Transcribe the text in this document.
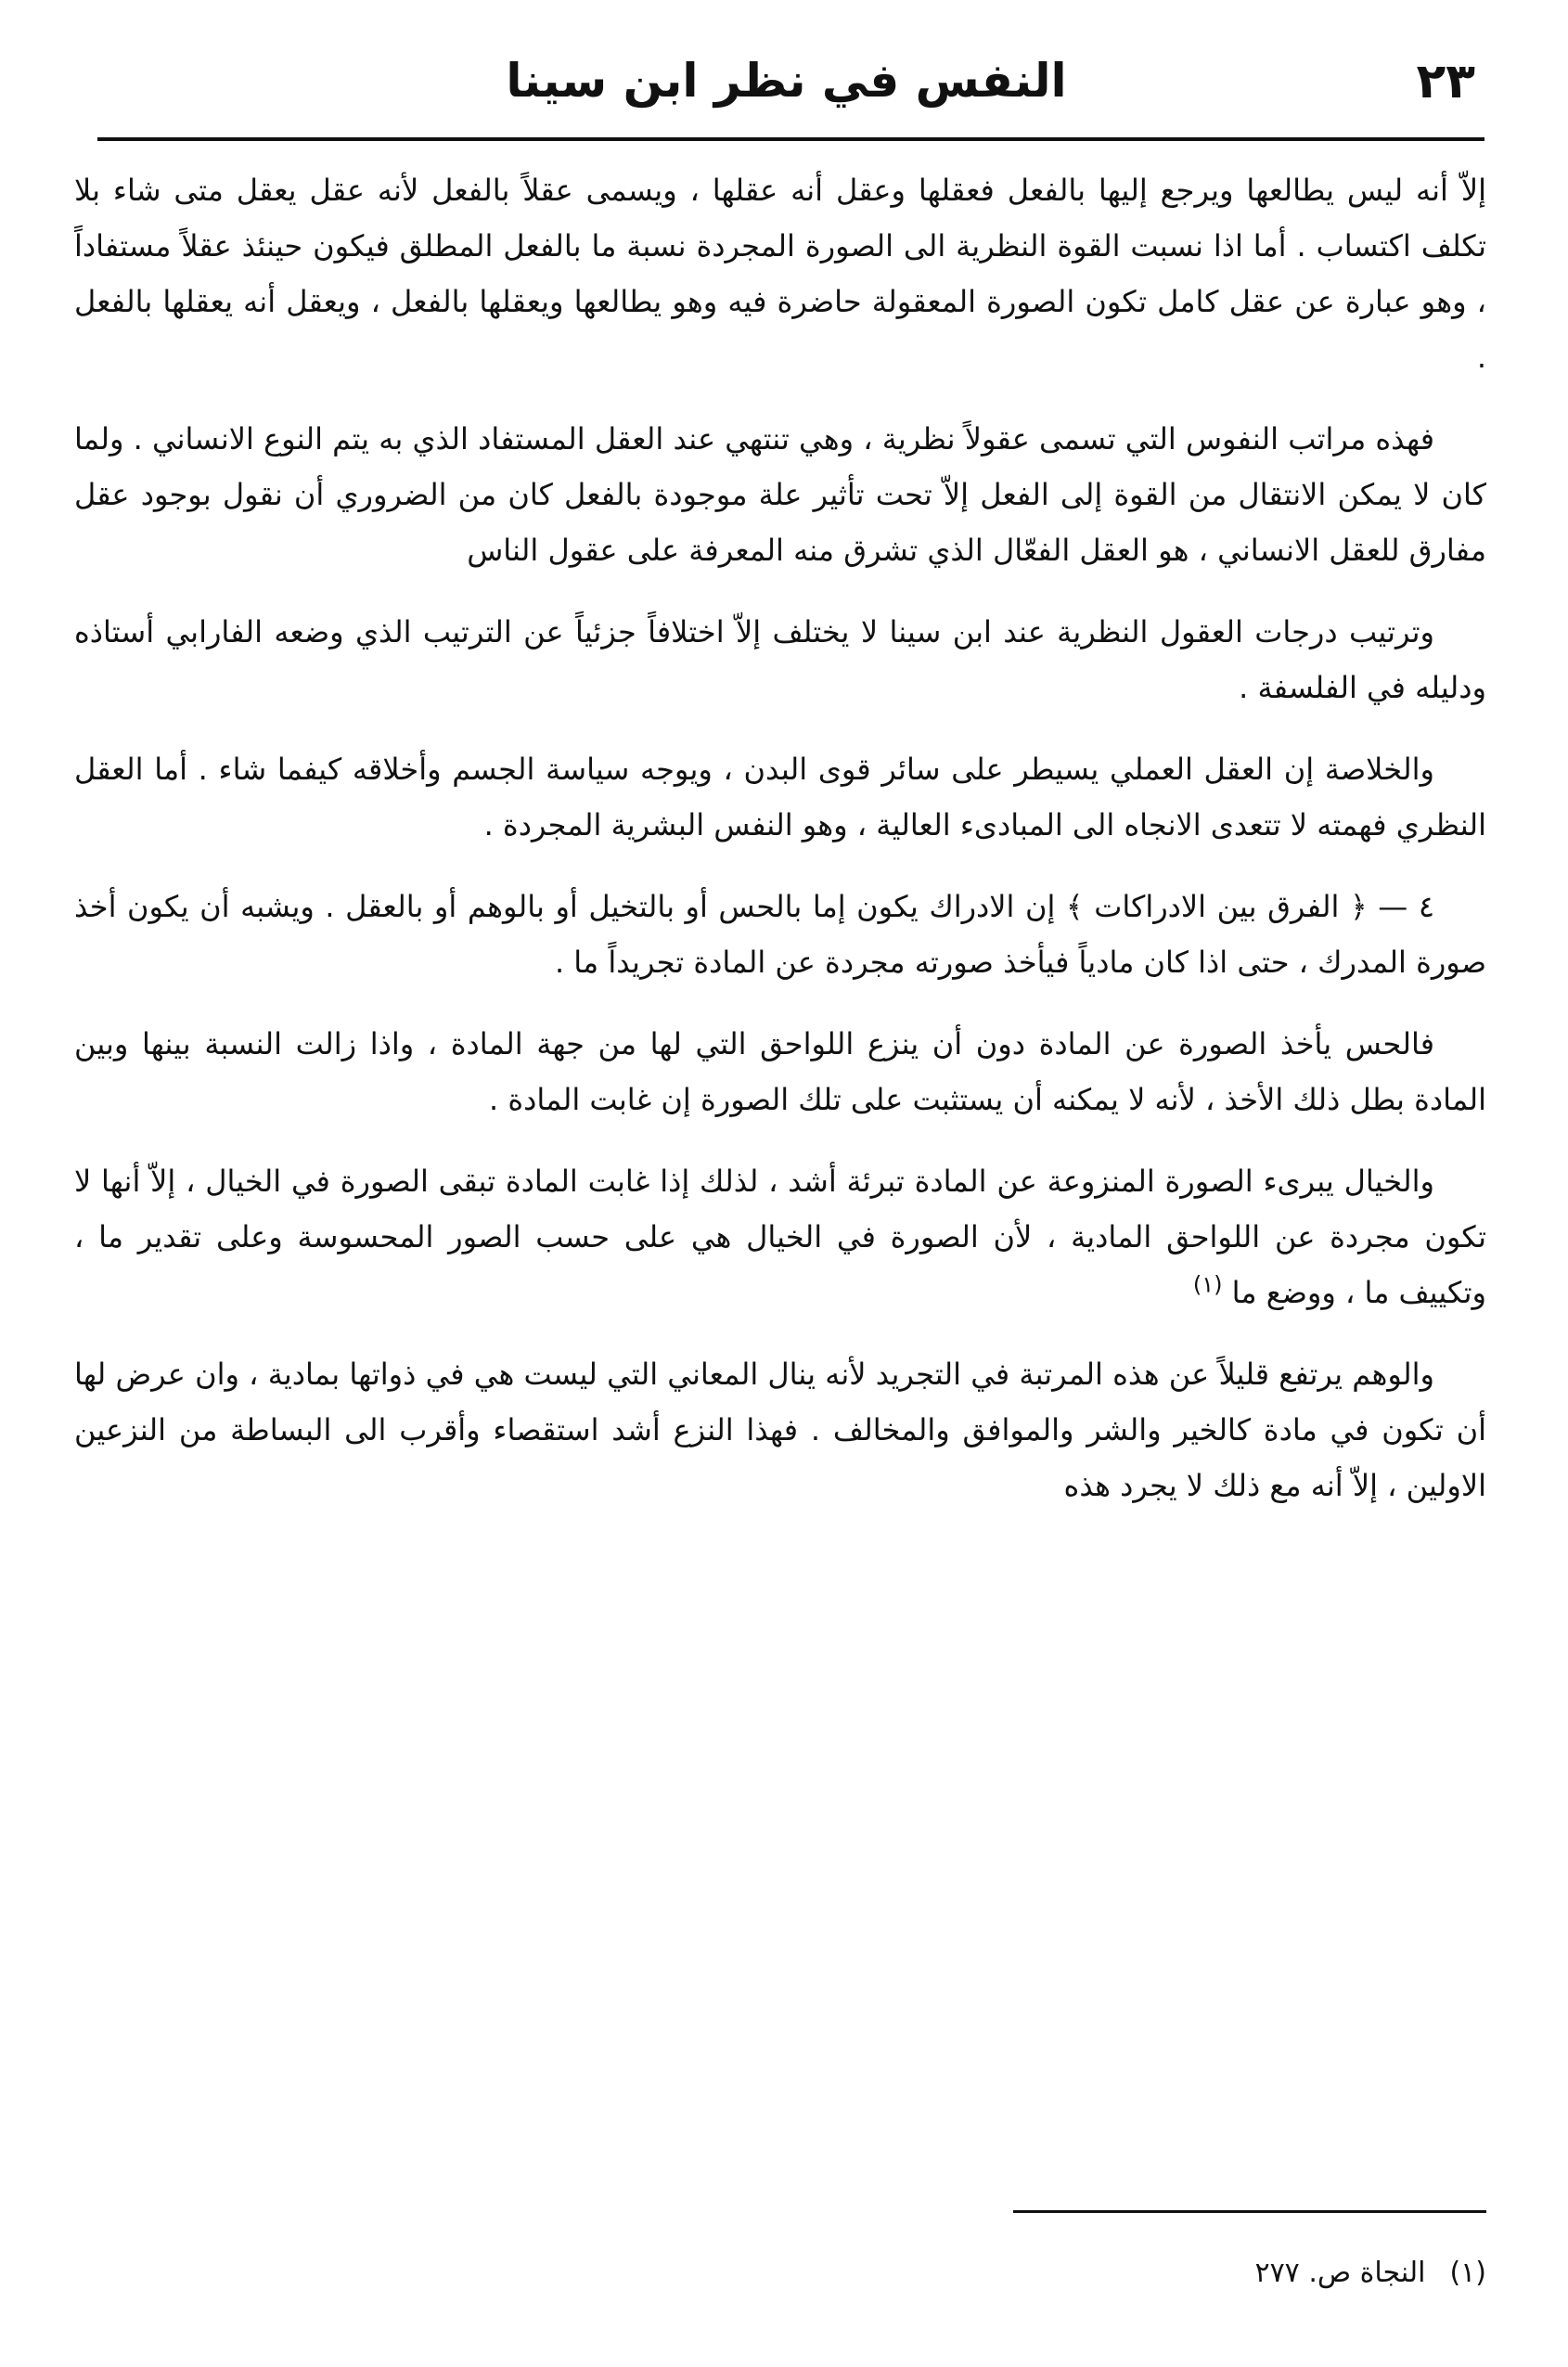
النفس في نظر ابن سينا	٢٣

إلاّ أنه ليس يطالعها ويرجع إليها بالفعل فعقلها وعقل أنه عقلها ، ويسمى عقلاً بالفعل لأنه عقل يعقل متى شاء بلا تكلف اكتساب . أما اذا نسبت القوة النظرية الى الصورة المجردة نسبة ما بالفعل المطلق فيكون حينئذ عقلاً مستفاداً ، وهو عبارة عن عقل كامل تكون الصورة المعقولة حاضرة فيه وهو يطالعها ويعقلها بالفعل ، ويعقل أنه يعقلها بالفعل .

فهذه مراتب النفوس التي تسمى عقولاً نظرية ، وهي تنتهي عند العقل المستفاد الذي به يتم النوع الانساني . ولما كان لا يمكن الانتقال من القوة إلى الفعل إلاّ تحت تأثير علة موجودة بالفعل كان من الضروري أن نقول بوجود عقل مفارق للعقل الانساني ، هو العقل الفعّال الذي تشرق منه المعرفة على عقول الناس

وترتيب درجات العقول النظرية عند ابن سينا لا يختلف إلاّ اختلافاً جزئياً عن الترتيب الذي وضعه الفارابي أستاذه ودليله في الفلسفة .

والخلاصة إن العقل العملي يسيطر على سائر قوى البدن ، ويوجه سياسة الجسم وأخلاقه كيفما شاء . أما العقل النظري فهمته لا تتعدى الانجاه الى المبادىء العالية ، وهو النفس البشرية المجردة .

٤ — ﴿ الفرق بين الادراكات ﴾ إن الادراك يكون إما بالحس أو بالتخيل أو بالوهم أو بالعقل . ويشبه أن يكون أخذ صورة المدرك ، حتى اذا كان مادياً فيأخذ صورته مجردة عن المادة تجريداً ما .

فالحس يأخذ الصورة عن المادة دون أن ينزع اللواحق التي لها من جهة المادة ، واذا زالت النسبة بينها وبين المادة بطل ذلك الأخذ ، لأنه لا يمكنه أن يستثبت على تلك الصورة إن غابت المادة .

والخيال يبرىء الصورة المنزوعة عن المادة تبرئة أشد ، لذلك إذا غابت المادة تبقى الصورة في الخيال ، إلاّ أنها لا تكون مجردة عن اللواحق المادية ، لأن الصورة في الخيال هي على حسب الصور المحسوسة وعلى تقدير ما ، وتكييف ما ، ووضع ما $^{(١)}$

والوهم يرتفع قليلاً عن هذه المرتبة في التجريد لأنه ينال المعاني التي ليست هي في ذواتها بمادية ، وان عرض لها أن تكون في مادة كالخير والشر والموافق والمخالف . فهذا النزع أشد استقصاء وأقرب الى البساطة من النزعين الاولين ، إلاّ أنه مع ذلك لا يجرد هذه

(١)
النجاة ص. ٢٧٧
